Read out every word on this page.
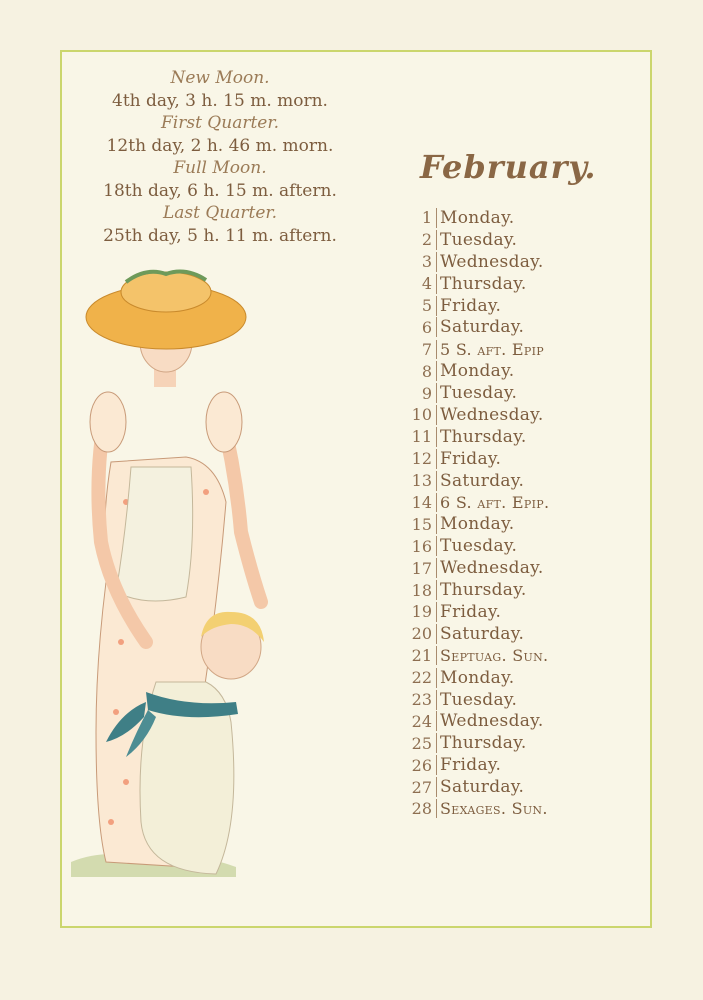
New Moon.
4th day, 3 h. 15 m. morn.
First Quarter.
12th day, 2 h. 46 m. morn.
Full Moon.
18th day, 6 h. 15 m. aftern.
Last Quarter.
25th day, 5 h. 11 m. aftern.
February.
1 Monday.
2 Tuesday.
3 Wednesday.
4 Thursday.
5 Friday.
6 Saturday.
7 5 S. aft. Epip
8 Monday.
9 Tuesday.
10 Wednesday.
11 Thursday.
12 Friday.
13 Saturday.
14 6 S. aft. Epip.
15 Monday.
16 Tuesday.
17 Wednesday.
18 Thursday.
19 Friday.
20 Saturday.
21 Septuag. Sun.
22 Monday.
23 Tuesday.
24 Wednesday.
25 Thursday.
26 Friday.
27 Saturday.
28 Sexages. Sun.
